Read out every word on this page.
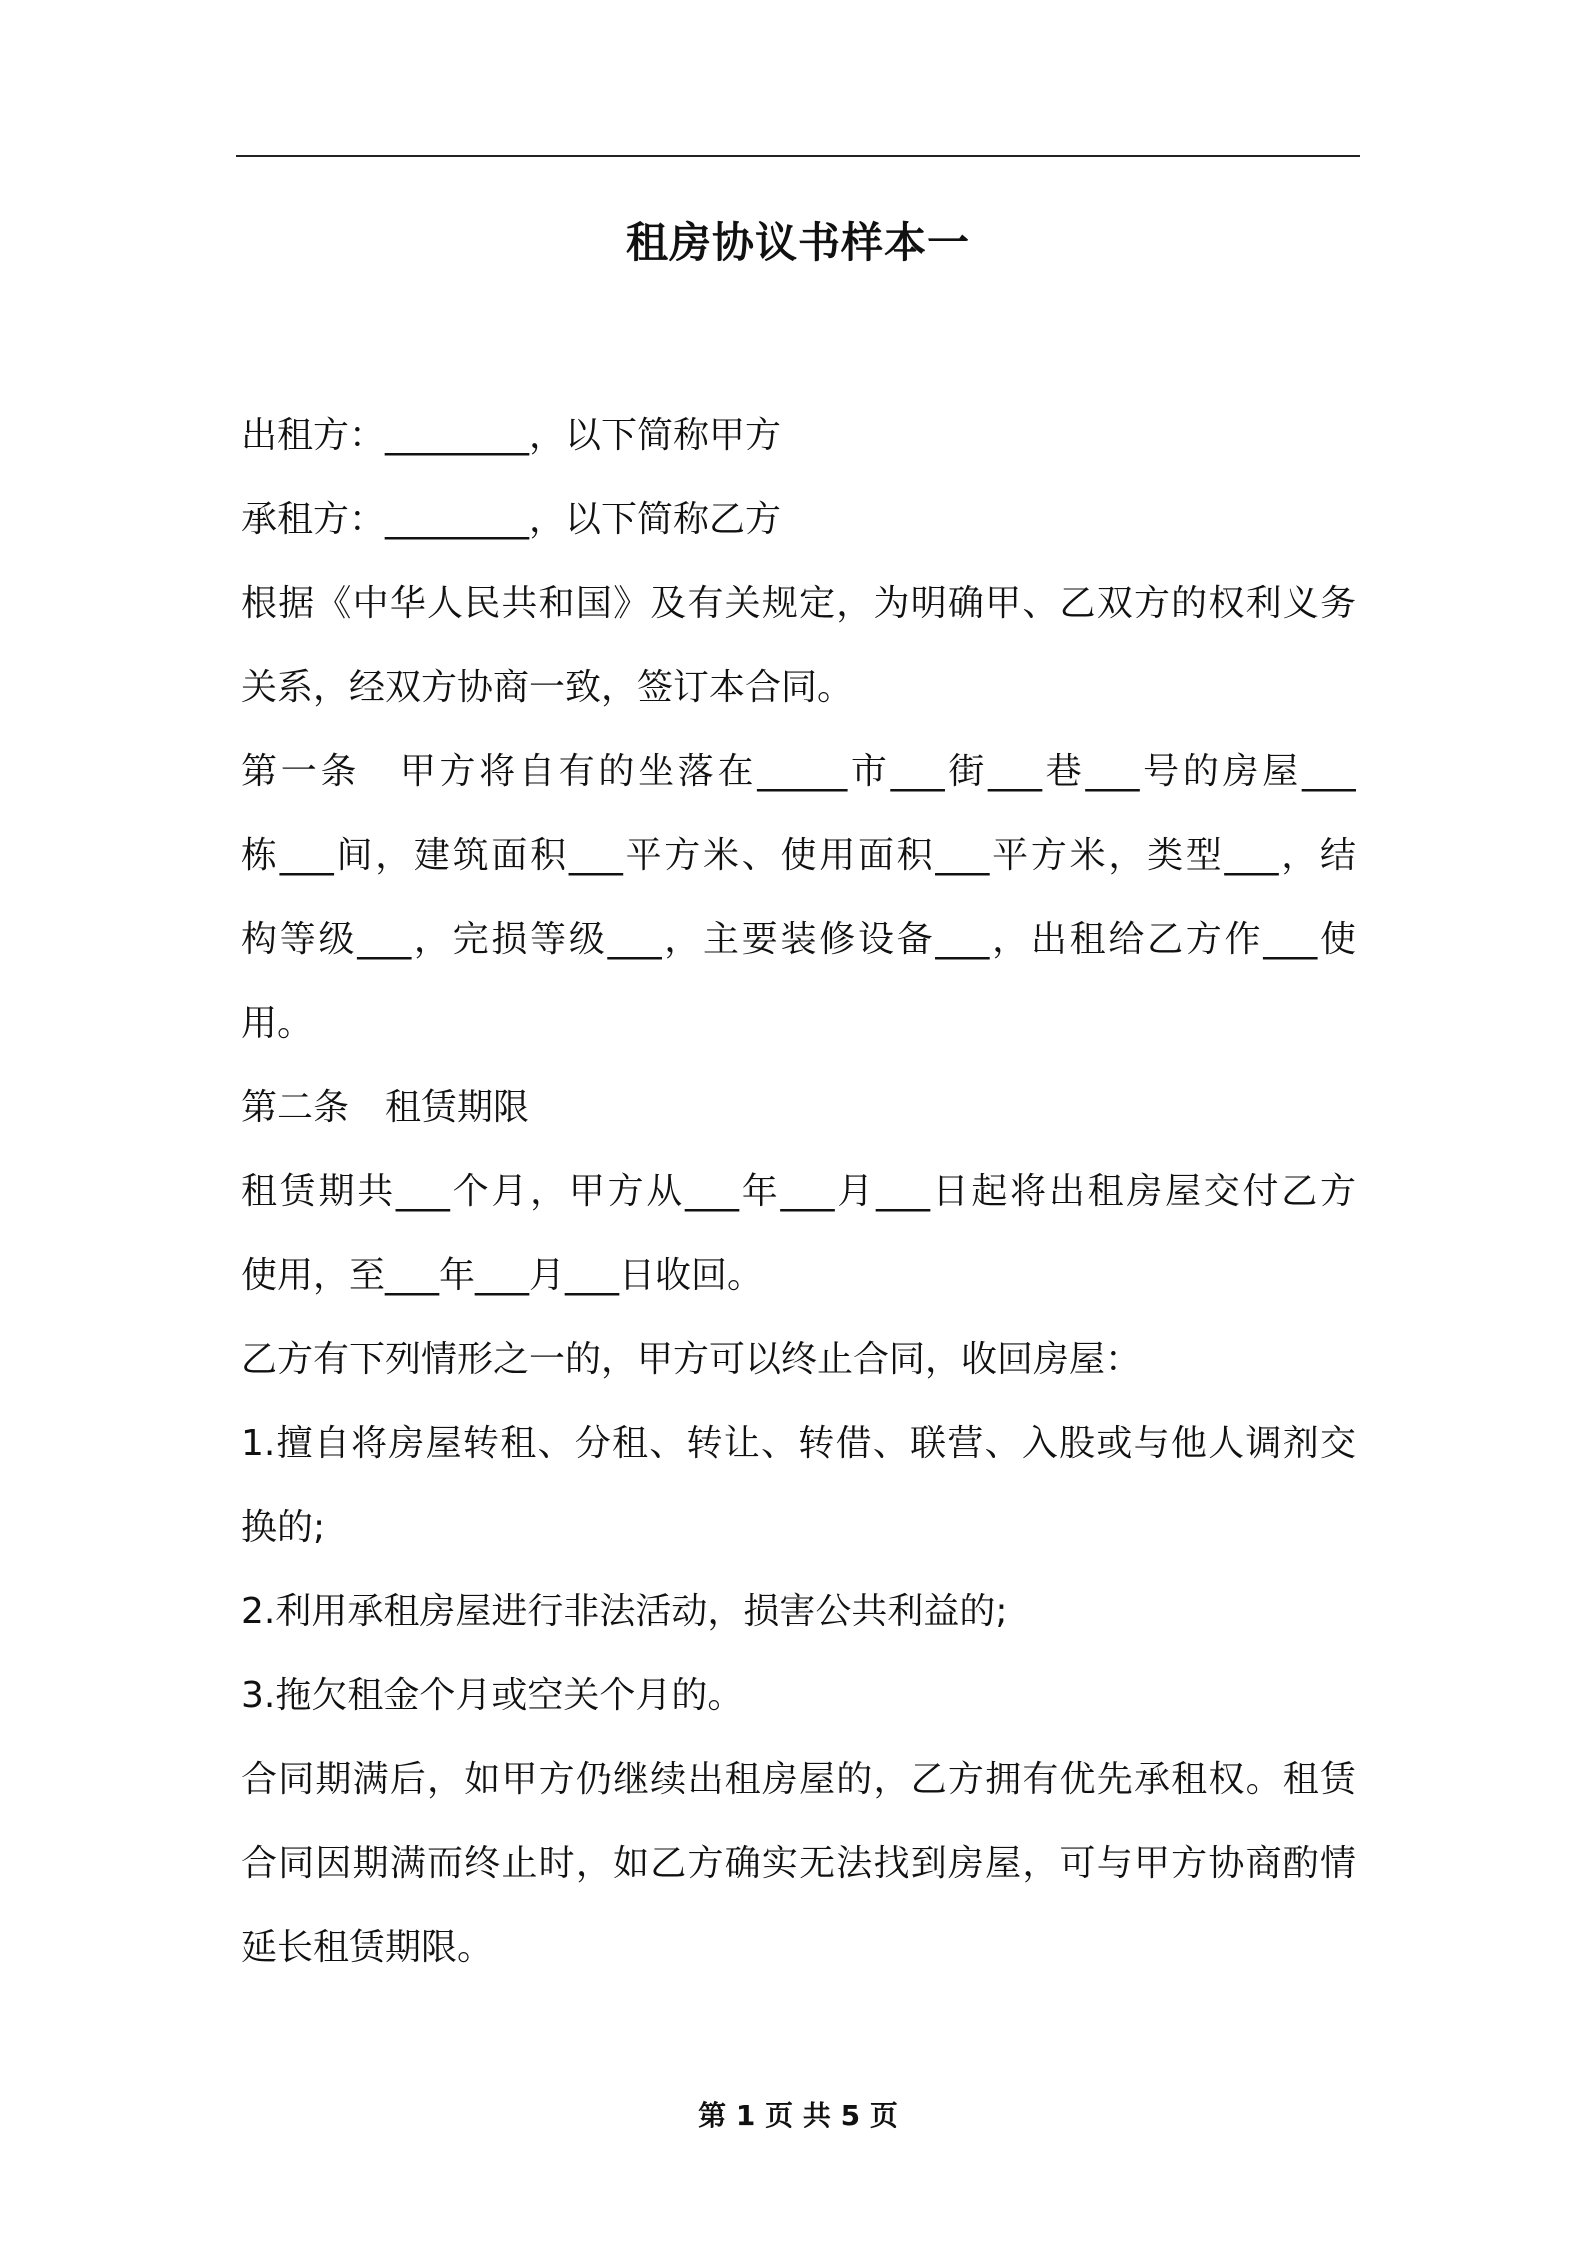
租房协议书样本一

出租方：________，以下简称甲方

承租方：________，以下简称乙方

根据《中华人民共和国》及有关规定，为明确甲、乙双方的权利义务

关系，经双方协商一致，签订本合同。

第一条　甲方将自有的坐落在_____市___街___巷___号的房屋___

栋___间，建筑面积___平方米、使用面积___平方米，类型___，结

构等级___，完损等级___，主要装修设备___，出租给乙方作___使

用。

第二条　租赁期限

租赁期共___个月，甲方从___年___月___日起将出租房屋交付乙方

使用，至___年___月___日收回。

乙方有下列情形之一的，甲方可以终止合同，收回房屋：

1.擅自将房屋转租、分租、转让、转借、联营、入股或与他人调剂交

换的;

2.利用承租房屋进行非法活动，损害公共利益的;

3.拖欠租金个月或空关个月的。

合同期满后，如甲方仍继续出租房屋的，乙方拥有优先承租权。租赁

合同因期满而终止时，如乙方确实无法找到房屋，可与甲方协商酌情

延长租赁期限。

第 1 页 共 5 页
